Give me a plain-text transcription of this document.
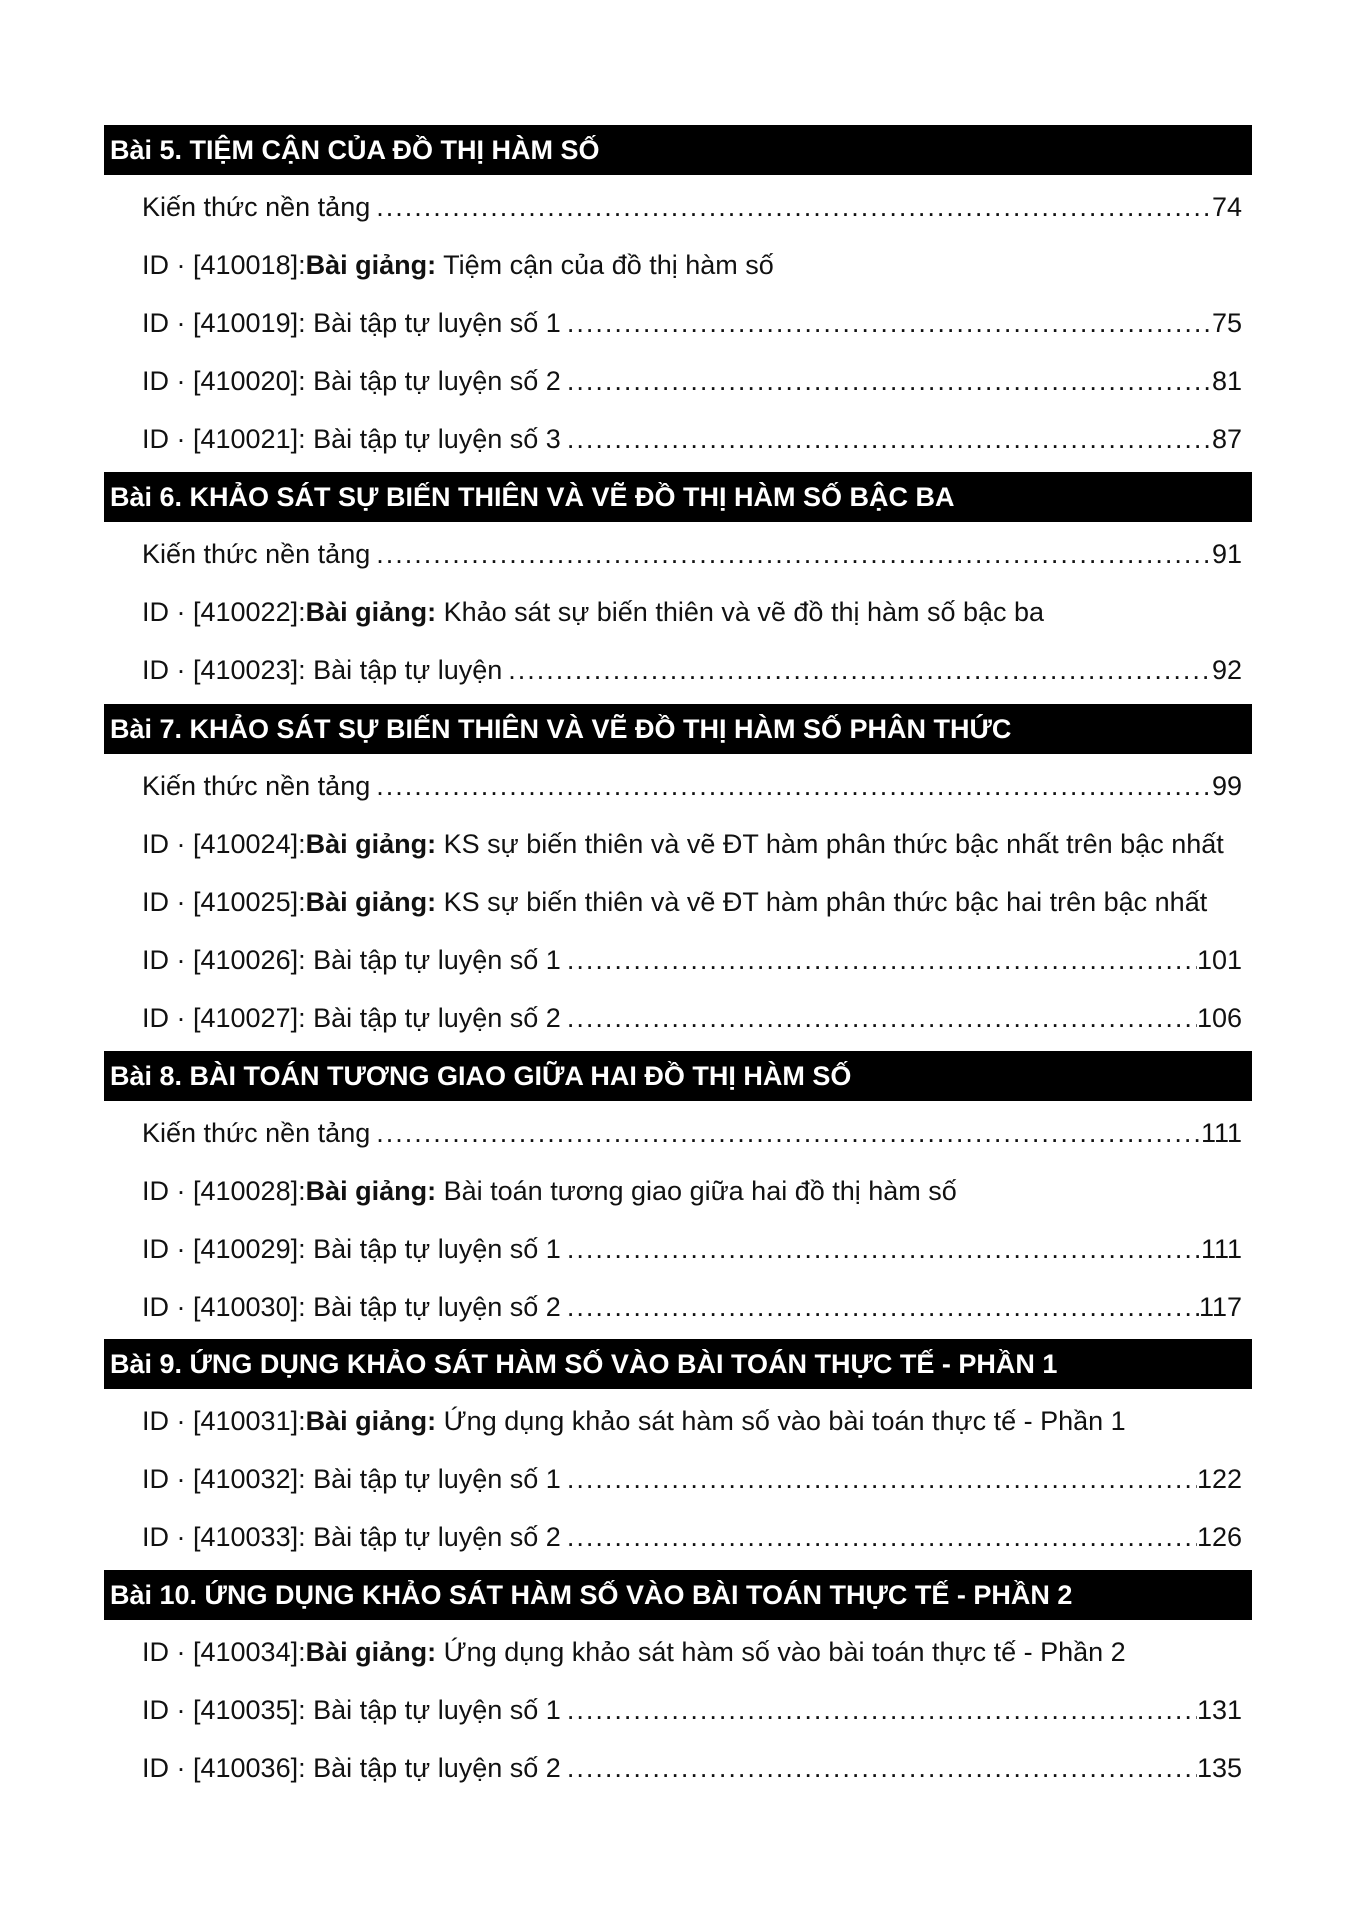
Bài 5. TIỆM CẬN CỦA ĐỒ THỊ HÀM SỐ
Kiến thức nền tảng .....	74
ID · [410018]: Bài giảng: Tiệm cận của đồ thị hàm số
ID · [410019]: Bài tập tự luyện số 1 .....	75
ID · [410020]: Bài tập tự luyện số 2 .....	81
ID · [410021]: Bài tập tự luyện số 3 .....	87
Bài 6. KHẢO SÁT SỰ BIẾN THIÊN VÀ VẼ ĐỒ THỊ HÀM SỐ BẬC BA
Kiến thức nền tảng .....	91
ID · [410022]: Bài giảng: Khảo sát sự biến thiên và vẽ đồ thị hàm số bậc ba
ID · [410023]: Bài tập tự luyện .....	92
Bài 7. KHẢO SÁT SỰ BIẾN THIÊN VÀ VẼ ĐỒ THỊ HÀM SỐ PHÂN THỨC
Kiến thức nền tảng .....	99
ID · [410024]: Bài giảng: KS sự biến thiên và vẽ ĐT hàm phân thức bậc nhất trên bậc nhất
ID · [410025]: Bài giảng: KS sự biến thiên và vẽ ĐT hàm phân thức bậc hai trên bậc nhất
ID · [410026]: Bài tập tự luyện số 1 .....	101
ID · [410027]: Bài tập tự luyện số 2 .....	106
Bài 8. BÀI TOÁN TƯƠNG GIAO GIỮA HAI ĐỒ THỊ HÀM SỐ
Kiến thức nền tảng .....	111
ID · [410028]: Bài giảng: Bài toán tương giao giữa hai đồ thị hàm số
ID · [410029]: Bài tập tự luyện số 1 .....	111
ID · [410030]: Bài tập tự luyện số 2 .....	117
Bài 9. ỨNG DỤNG KHẢO SÁT HÀM SỐ VÀO BÀI TOÁN THỰC TẾ - PHẦN 1
ID · [410031]: Bài giảng: Ứng dụng khảo sát hàm số vào bài toán thực tế - Phần 1
ID · [410032]: Bài tập tự luyện số 1 .....	122
ID · [410033]: Bài tập tự luyện số 2 .....	126
Bài 10. ỨNG DỤNG KHẢO SÁT HÀM SỐ VÀO BÀI TOÁN THỰC TẾ - PHẦN 2
ID · [410034]: Bài giảng: Ứng dụng khảo sát hàm số vào bài toán thực tế - Phần 2
ID · [410035]: Bài tập tự luyện số 1 .....	131
ID · [410036]: Bài tập tự luyện số 2 .....	135
